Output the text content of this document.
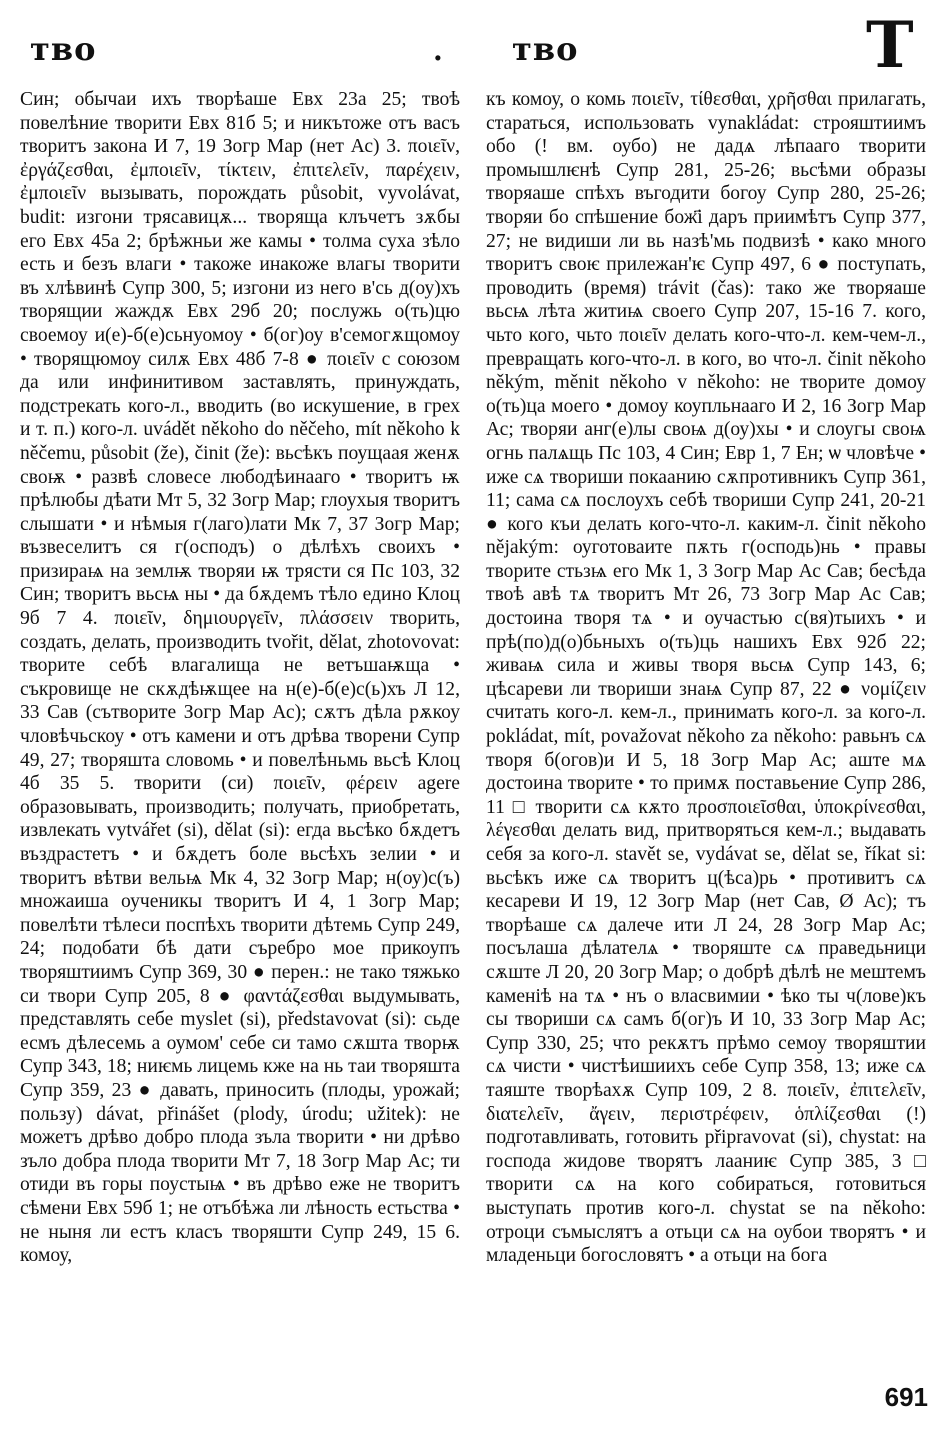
тво	. тво	Т

Син; обычаи ихъ творѣаше Евх 23а 25; твоѣ повелѣние творити Евх 81б 5; и никътоже отъ васъ творитъ закона И 7, 19 Зогр Мар (нет Ас) 3. ποιεῖν, ἐργάζεσθαι, ἐμποιεῖν, τίκτειν, ἐπιτελεῖν, παρέχειν, ἐμποιεῖν вызывать, порождать působit, vyvolávat, budit: изгони трясавицѫ... творяща клъчетъ зѫбы его Евх 45а 2; брѣжньи же камы • толма суха зѣло есть и безъ влаги • такоже инакоже влагы творити въ хлѣвинѣ Супр 300, 5; изгони из него в'сь д(оу)хъ творящии жаждѫ Евх 29б 20; послужь о(ть)цю своемоу и(е)-б(е)сьнуомоу • б(ог)оу в'семогѫщомоу • творящюмоу силѫ Евх 48б 7-8 ● ποιεῖν с союзом да или инфинитивом заставлять, принуждать, подстрекать кого-л., вводить (во искушение, в грех и т. п.) кого-л. uvádět někoho do něčeho, mít někoho k něčemu, působit (že), činit (že): вьсѣкъ поущаая женѫ своѭ • развѣ словесе любодѣинааго • творитъ ѭ прѣлюбы дѣати Мт 5, 32 Зогр Мар; глоухыя творитъ слышати • и нѣмыя г(лаго)лати Мк 7, 37 Зогр Мар; възвеселитъ ся г(осподъ) о дѣлѣхъ своихъ • призираѩ на землѭ творяи ѭ трясти ся Пс 103, 32 Син; творитъ вьсѩ ны • да бѫдемъ тѣло едино Клоц 9б 7 4. ποιεῖν, δημιουργεῖν, πλάσσειν творить, создать, делать, производить tvořit, dělat, zhotovovat: творите себѣ влагалища не ветъшаѭща • съкровище не скѫдѣѭщее на н(е)-б(е)с(ь)хъ Л 12, 33 Сав (сътворите Зогр Мар Ас); сѫтъ дѣла рѫкоу чловѣчьскоу • отъ камени и отъ дрѣва творени Супр 49, 27; творяшта словомь • и повелѣньмь вьсѣ Клоц 4б 35 5. творити (си) ποιεῖν, φέρειν agere образовывать, производить; получать, приобретать, извлекать vytvářet (si), dělat (si): егда вьсѣко бѫдетъ въздрастетъ • и бѫдетъ боле вьсѣхъ зелии • и творитъ вѣтви вельѩ Мк 4, 32 Зогр Мар; н(оу)с(ъ) множаиша оученикы творитъ И 4, 1 Зогр Мар; повелѣти тѣлеси поспѣхъ творити дѣтемь Супр 249, 24; подобати бѣ дати съребро мое прикоупъ творяштиимъ Супр 369, 30 ● перен.: не тако тяжько си твори Супр 205, 8 ● φαντάζεσθαι выдумывать, представлять себе myslet (si), představovat (si): сьде есмъ дѣлесемь а оумом' себе си тамо сѫшта творѭ Супр 343, 18; ниѥмь лицемь кже на нь таи творяшта Супр 359, 23 ● давать, приносить (плоды, урожай; пользу) dávat, přinášet (plody, úrodu; užitek): не можетъ дрѣво добро плода зъла творити • ни дрѣво зъло добра плода творити Мт 7, 18 Зогр Мар Ас; ти отиди въ горы поустыѩ • въ дрѣво еже не творитъ сѣмени Евх 59б 1; не отъбѣжа ли лѣность естьства • не ныня ли естъ класъ творяшти Супр 249, 15 6. комоу,

къ комоу, о комь ποιεῖν, τίθεσθαι, χρῆσθαι прилагать, стараться, использовать vynakládat: строяштиимъ обо (! вм. оубо) не дадѧ лѣпааго творити промышлѥнѣ Супр 281, 25-26; вьсѣми образы творяаше спѣхъ въгодити богоу Супр 280, 25-26; творяи бо спѣшение бож҃і даръ приимѣтъ Супр 377, 27; не видиши ли вь назѣ'мь подвизѣ • како много творитъ своѥ прилежан'ѥ Супр 497, 6 ● поступать, проводить (время) trávit (čas): тако же творяаше вьсѩ лѣта житиѩ своего Супр 207, 15-16 7. кого, чьто кого, чьто ποιεῖν делать кого-что-л. кем-чем-л., превращать кого-что-л. в кого, во что-л. činit někoho někým, měnit někoho v někoho: не творите домоу о(ть)ца моего • домоу коупльнааго И 2, 16 Зогр Мар Ас; творяи анг(е)лы своѩ д(оу)хы • и слоугы своѩ огнь палѧщь Пс 103, 4 Син; Евр 1, 7 Ен; ѡ чловѣче • иже сѧ твориши покаанию сѫпротивникъ Супр 361, 11; сама сѧ послоухъ себѣ твориши Супр 241, 20-21 ● кого къи делать кого-что-л. каким-л. činit někoho nějakým: оуготоваите пѫть г(осподь)нь • правы творите стьзѩ его Мк 1, 3 Зогр Мар Ас Сав; бесѣда твоѣ авѣ тѧ творитъ Мт 26, 73 Зогр Мар Ас Сав; достоина творя тѧ • и оучастью с(вя)тыихъ • и прѣ(по)д(о)бьныхъ о(ть)ць нашихъ Евх 92б 22; живаѩ сила и живы творя вьсѩ Супр 143, 6; цѣсареви ли твориши знаѩ Супр 87, 22 ● νομίζειν считать кого-л. кем-л., принимать кого-л. за кого-л. pokládat, mít, považovat někoho za někoho: равьнъ сѧ творя б(огов)и И 5, 18 Зогр Мар Ас; аште мѧ достоина творите • то примѫ поставьение Супр 286, 11 □ творити сѧ кѫто προσποιεῖσθαι, ὑποκρίνεσθαι, λέγεσθαι делать вид, притворяться кем-л.; выдавать себя за кого-л. stavět se, vydávat se, dělat se, říkat si: вьсѣкъ иже сѧ творитъ ц(ѣса)рь • противитъ сѧ кесареви И 19, 12 Зогр Мар (нет Сав, Ø Ас); тъ творѣаше сѧ далече ити Л 24, 28 Зогр Мар Ас; посълаша дѣлателѧ • творяште сѧ праведьници сѫште Л 20, 20 Зогр Мар; о добрѣ дѣлѣ не мештемъ каменіѣ на тѧ • нъ о власвимии • ѣко ты ч(лове)къ сы твориши сѧ самъ б(ог)ъ И 10, 33 Зогр Мар Ас; Супр 330, 25; что рекѫтъ прѣмо семоу творяштии сѧ чисти • чистѣишиихъ себе Супр 358, 13; иже сѧ таяште творѣахѫ Супр 109, 2 8. ποιεῖν, ἐπιτελεῖν, διατελεῖν, ἄγειν, περιστρέφειν, ὁπλίζεσθαι (!) подготавливать, готовить připravovat (si), chystat: на господа жидове творятъ лааниѥ Супр 385, 3 □ творити сѧ на кого собираться, готовиться выступать против кого-л. chystat se na někoho: отроци съмыслятъ а отьци сѧ на оубои творятъ • и младеньци богословятъ • а отьци на бога

691
